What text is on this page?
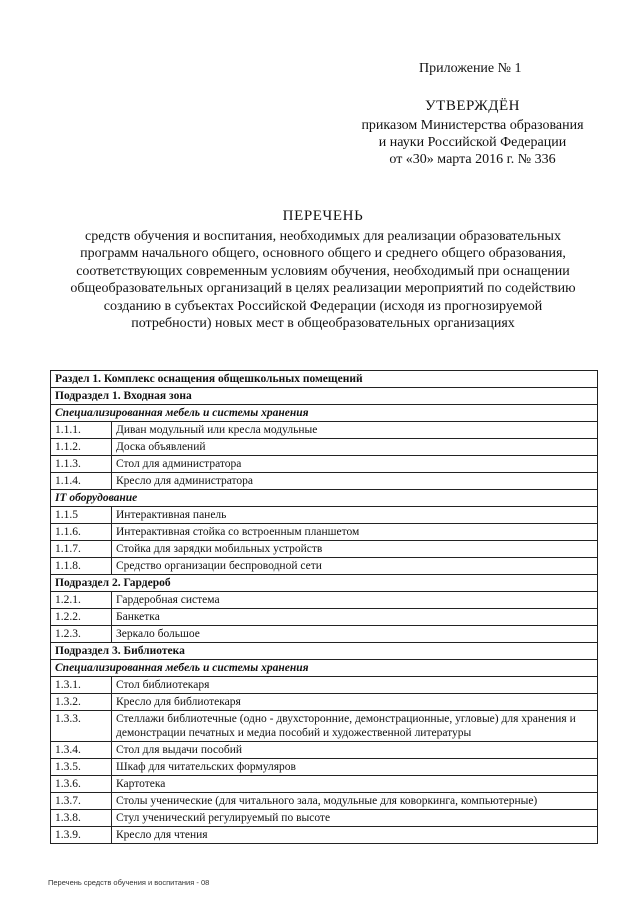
Приложение № 1
УТВЕРЖДЁН
приказом Министерства образования
и науки Российской Федерации
от «30» марта 2016 г. № 336
ПЕРЕЧЕНЬ
средств обучения и воспитания, необходимых для реализации образовательных
программ начального общего, основного общего и среднего общего образования,
соответствующих современным условиям обучения, необходимый при оснащении
общеобразовательных организаций в целях реализации мероприятий по содействию
созданию в субъектах Российской Федерации (исходя из прогнозируемой
потребности) новых мест в общеобразовательных организациях
Раздел 1. Комплекс оснащения общешкольных помещений	
Подраздел 1. Входная зона	
Специализированная мебель и системы хранения	
1.1.1.	Диван модульный или кресла модульные
1.1.2.	Доска объявлений
1.1.3.	Стол для администратора
1.1.4.	Кресло для администратора
IT оборудование	
1.1.5	Интерактивная панель
1.1.6.	Интерактивная стойка со встроенным планшетом
1.1.7.	Стойка для зарядки мобильных устройств
1.1.8.	Средство организации беспроводной сети
Подраздел 2. Гардероб	
1.2.1.	Гардеробная система
1.2.2.	Банкетка
1.2.3.	Зеркало большое
Подраздел 3. Библиотека	
Специализированная мебель и системы хранения	
1.3.1.	Стол библиотекаря
1.3.2.	Кресло для библиотекаря
1.3.3.	Стеллажи библиотечные (одно - двухсторонние, демонстрационные, угловые) для хранения и демонстрации печатных и медиа пособий и художественной литературы
1.3.4.	Стол для выдачи пособий
1.3.5.	Шкаф для читательских формуляров
1.3.6.	Картотека
1.3.7.	Столы ученические (для читального зала, модульные для коворкинга, компьютерные)
1.3.8.	Стул ученический регулируемый по высоте
1.3.9.	Кресло для чтения
Перечень средств обучения и воспитания - 08
